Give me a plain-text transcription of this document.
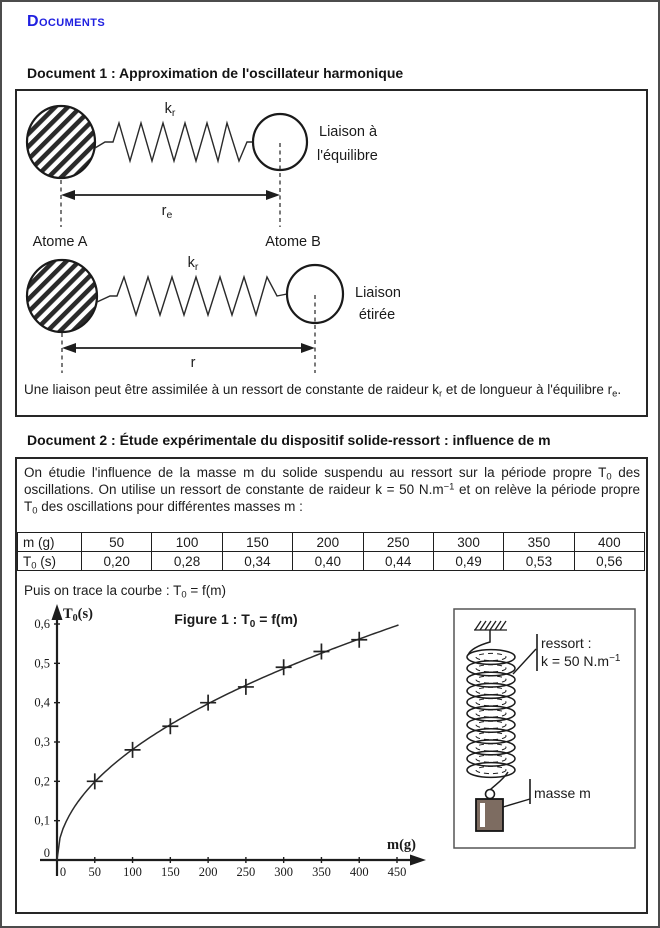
Documents
Document 1 : Approximation de l'oscillateur harmonique
$k_r$
Liaison à
l'équilibre
$r_e$
Atome A	Atome B
$k_r$
Liaison
étirée
r
Une liaison peut être assimilée à un ressort de constante de raideur $k_r$ et de longueur à l'équilibre $r_e$.
Document 2 : Étude expérimentale du dispositif solide-ressort : influence de m
On étudie l'influence de la masse m du solide suspendu au ressort sur la période propre $T_0$ des oscillations. On utilise un ressort de constante de raideur k = 50 $N.m^{-1}$ et on relève la période propre $T_0$ des oscillations pour différentes masses m :
m (g)	50	100	150	200	250	300	350	400
$T_0$ (s)	0,20	0,28	0,34	0,40	0,44	0,49	0,53	0,56
Puis on trace la courbe : $T_0 = f(m)$
0 50 100 150 200 250 300 350 400 450
0
0,1
0,2
0,3
0,4
0,5
0,6	Figure 1 : $T_0 = f(m)$
$T_0(s)$
m(g)
ressort :
k = 50 $N.m^{-1}$
masse m
